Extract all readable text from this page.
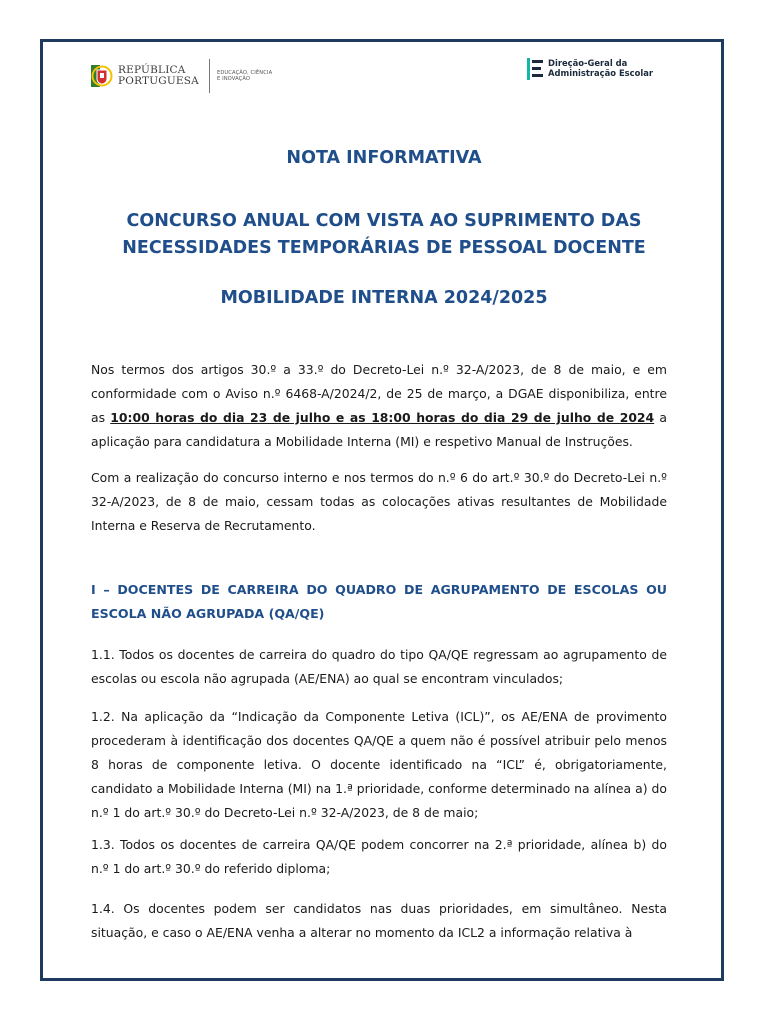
REPÚBLICA
PORTUGUESA
EDUCAÇÃO, CIÊNCIA
E INOVAÇÃO
Direção-Geral da
Administração Escolar
NOTA INFORMATIVA
CONCURSO ANUAL COM VISTA AO SUPRIMENTO DAS
NECESSIDADES TEMPORÁRIAS DE PESSOAL DOCENTE
MOBILIDADE INTERNA 2024/2025
Nos termos dos artigos 30.º a 33.º do Decreto-Lei n.º 32-A/2023, de 8 de maio, e em conformidade com o Aviso n.º 6468-A/2024/2, de 25 de março, a DGAE disponibiliza, entre as 10:00 horas do dia 23 de julho e as 18:00 horas do dia 29 de julho de 2024 a aplicação para candidatura a Mobilidade Interna (MI) e respetivo Manual de Instruções.
Com a realização do concurso interno e nos termos do n.º 6 do art.º 30.º do Decreto-Lei n.º 32-A/2023, de 8 de maio, cessam todas as colocações ativas resultantes de Mobilidade Interna e Reserva de Recrutamento.
I – DOCENTES DE CARREIRA DO QUADRO DE AGRUPAMENTO DE ESCOLAS OU ESCOLA NÃO AGRUPADA (QA/QE)
1.1. Todos os docentes de carreira do quadro do tipo QA/QE regressam ao agrupamento de escolas ou escola não agrupada (AE/ENA) ao qual se encontram vinculados;
1.2. Na aplicação da “Indicação da Componente Letiva (ICL)”, os AE/ENA de provimento procederam à identificação dos docentes QA/QE a quem não é possível atribuir pelo menos 8 horas de componente letiva. O docente identificado na “ICL” é, obrigatoriamente, candidato a Mobilidade Interna (MI) na 1.ª prioridade, conforme determinado na alínea a) do n.º 1 do art.º 30.º do Decreto-Lei n.º 32-A/2023, de 8 de maio;
1.3. Todos os docentes de carreira QA/QE podem concorrer na 2.ª prioridade, alínea b) do n.º 1 do art.º 30.º do referido diploma;
1.4. Os docentes podem ser candidatos nas duas prioridades, em simultâneo. Nesta situação, e caso o AE/ENA venha a alterar no momento da ICL2 a informação relativa à
